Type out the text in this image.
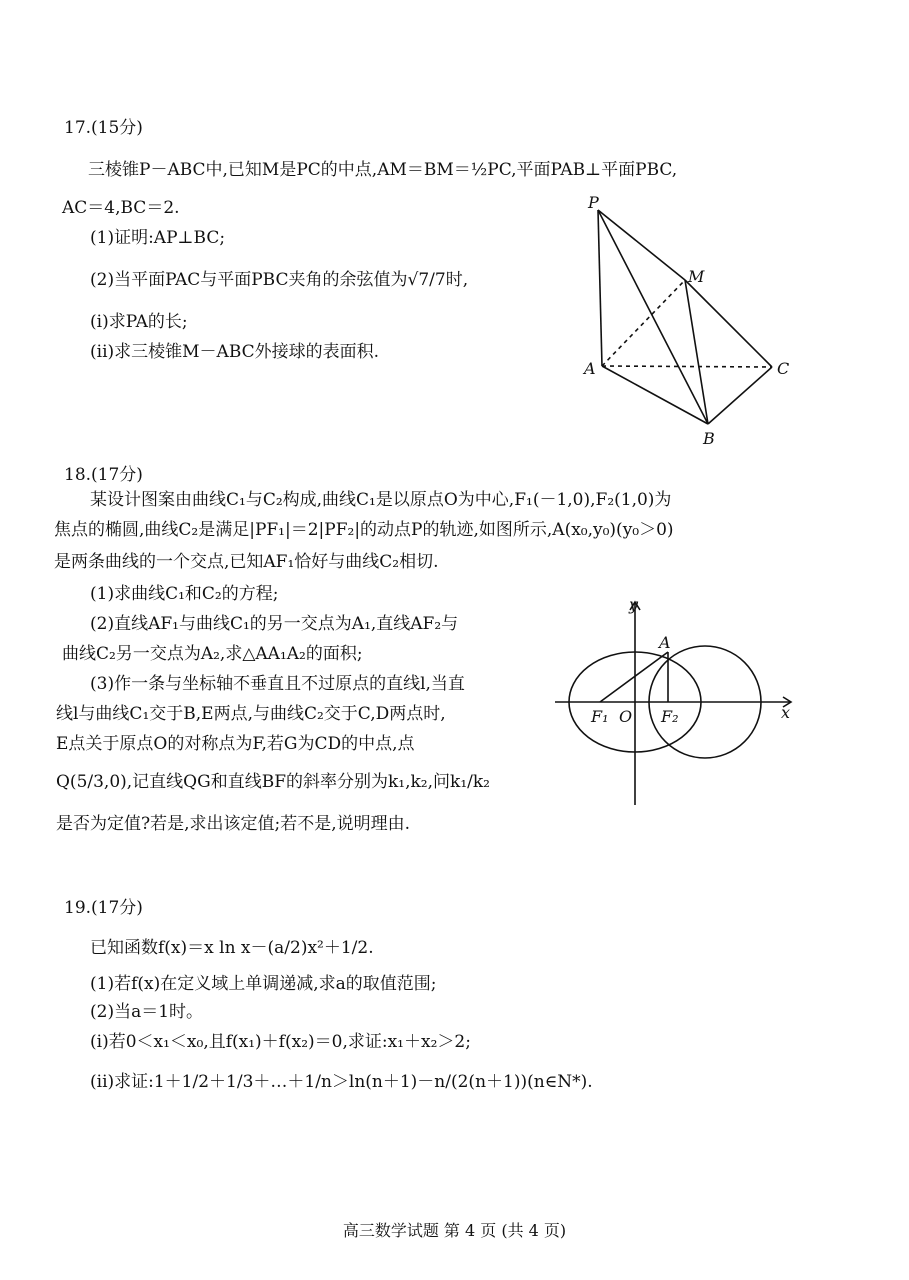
17.(15分)
三棱锥P－ABC中,已知M是PC的中点,AM＝BM＝½PC,平面PAB⊥平面PBC,
AC＝4,BC＝2.
(1)证明:AP⊥BC;
(2)当平面PAC与平面PBC夹角的余弦值为√7/7时,
(i)求PA的长;
(ii)求三棱锥M－ABC外接球的表面积.
P
M
A	C
B
18.(17分)
某设计图案由曲线C₁与C₂构成,曲线C₁是以原点O为中心,F₁(－1,0),F₂(1,0)为
焦点的椭圆,曲线C₂是满足|PF₁|＝2|PF₂|的动点P的轨迹,如图所示,A(x₀,y₀)(y₀＞0)
是两条曲线的一个交点,已知AF₁恰好与曲线C₂相切.
(1)求曲线C₁和C₂的方程;
(2)直线AF₁与曲线C₁的另一交点为A₁,直线AF₂与
曲线C₂另一交点为A₂,求△AA₁A₂的面积;
(3)作一条与坐标轴不垂直且不过原点的直线l,当直
线l与曲线C₁交于B,E两点,与曲线C₂交于C,D两点时,
E点关于原点O的对称点为F,若G为CD的中点,点
Q(5/3,0),记直线QG和直线BF的斜率分别为k₁,k₂,问k₁/k₂
是否为定值?若是,求出该定值;若不是,说明理由.
y
x
A
F₁ O F₂
19.(17分)
已知函数f(x)＝x ln x－(a/2)x²＋1/2.
(1)若f(x)在定义域上单调递减,求a的取值范围;
(2)当a＝1时。
(i)若0＜x₁＜x₀,且f(x₁)＋f(x₂)＝0,求证:x₁＋x₂＞2;
(ii)求证:1＋1/2＋1/3＋…＋1/n＞ln(n＋1)－n/(2(n＋1))(n∈N*).
高三数学试题 第 4 页 (共 4 页)
